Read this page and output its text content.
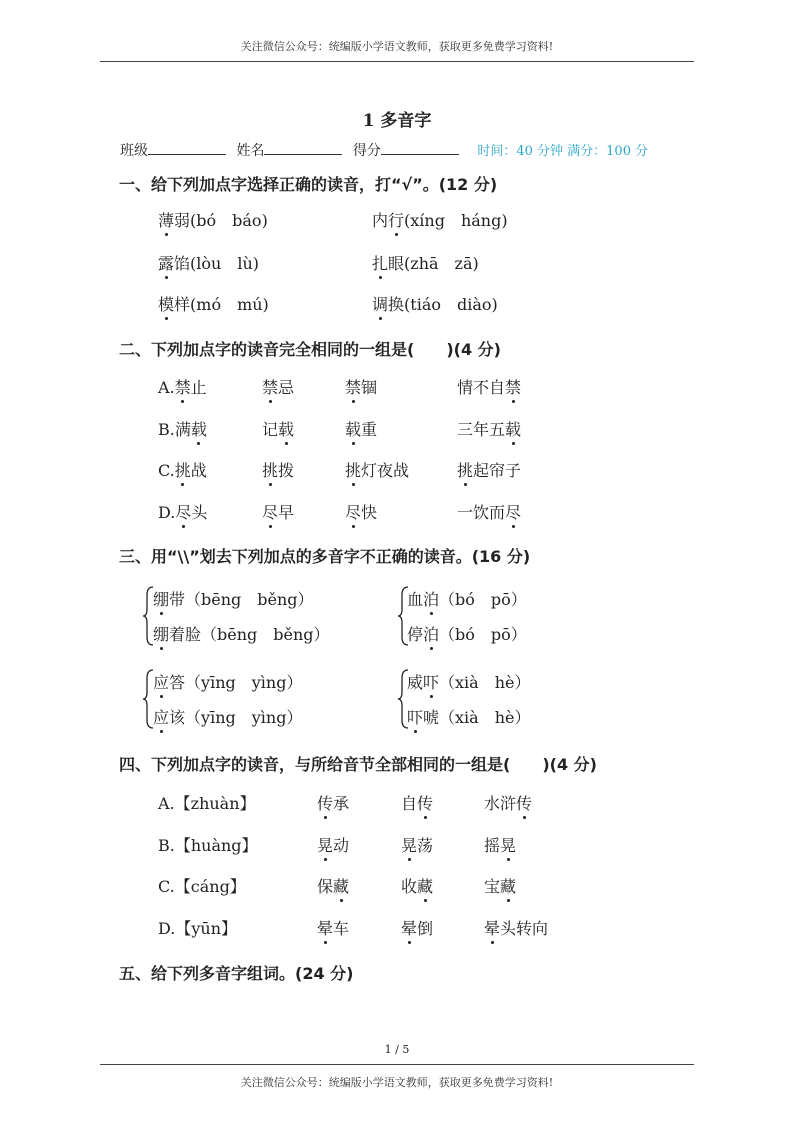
关注微信公众号：统编版小学语文教师，获取更多免费学习资料!
1 多音字
班级	姓名	得分	时间：40 分钟 满分：100 分
一、给下列加点字选择正确的读音，打“√”。(12 分)
薄弱(bó　báo)	内行(xíng　háng)
露馅(lòu　lù)	扎眼(zhā　zā)
模样(mó　mú)	调换(tiáo　diào)
二、下列加点字的读音完全相同的一组是(　　)(4 分)
A.禁止	禁忌	禁锢	情不自禁
B.满载	记载	载重	三年五载
C.挑战	挑拨	挑灯夜战	挑起帘子
D.尽头	尽早	尽快	一饮而尽
三、用“\\”划去下列加点的多音字不正确的读音。(16 分)
绷带（bēng　běng）
绷着脸（bēng　běng）
血泊（bó　pō）
停泊（bó　pō）
应答（yīng　yìng）
应该（yīng　yìng）
威吓（xià　hè）
吓唬（xià　hè）
四、下列加点字的读音，与所给音节全部相同的一组是(　　)(4 分)
A.【zhuàn】	传承	自传	水浒传
B.【huàng】	晃动	晃荡	摇晃
C.【cáng】	保藏	收藏	宝藏
D.【yūn】	晕车	晕倒	晕头转向
五、给下列多音字组词。(24 分)
1 / 5
关注微信公众号：统编版小学语文教师，获取更多免费学习资料!
